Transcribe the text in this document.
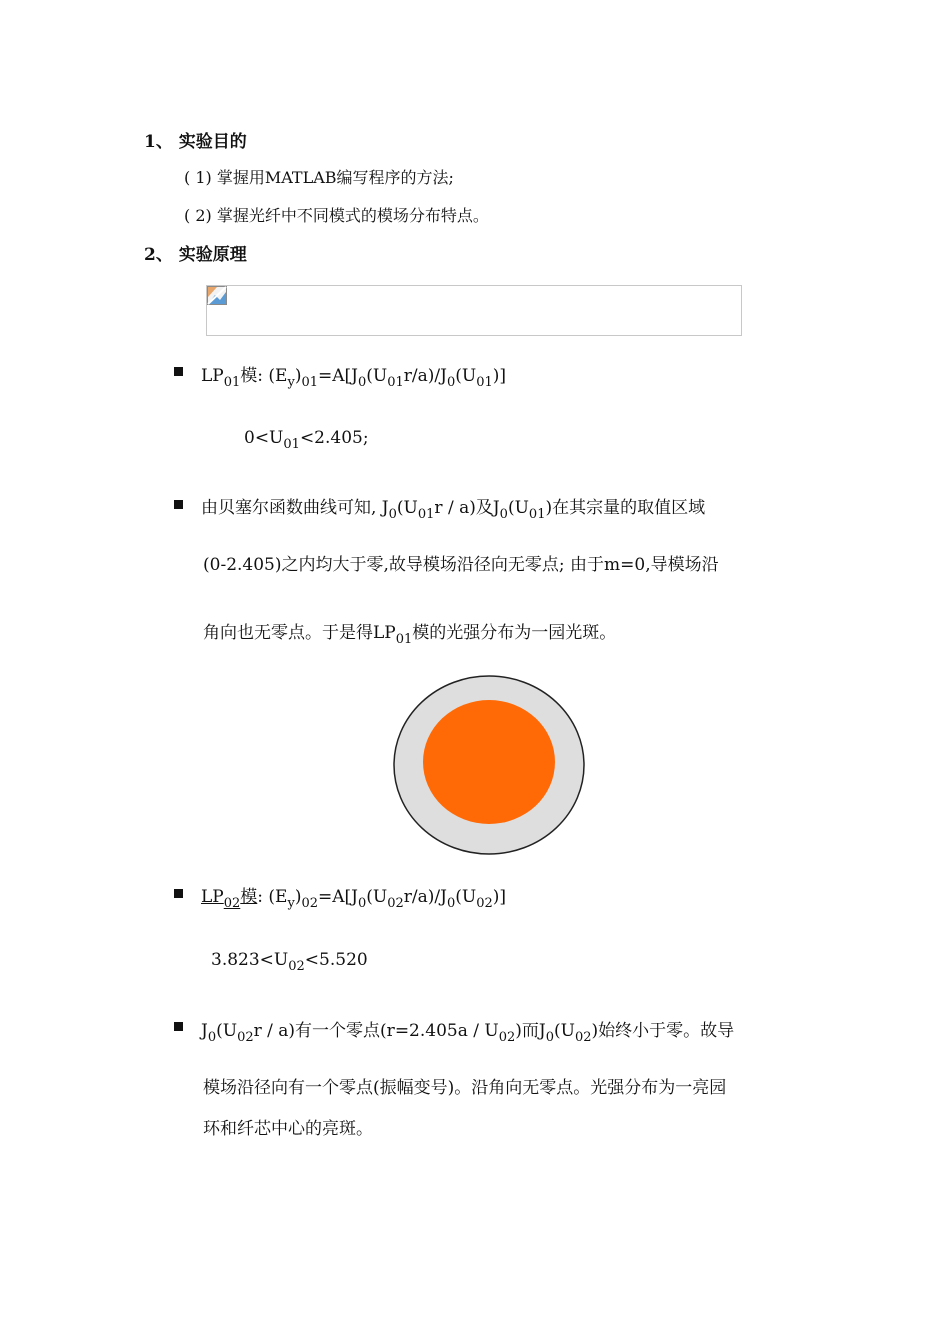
1、 实验目的
( 1) 掌握用MATLAB编写程序的方法;
( 2) 掌握光纤中不同模式的模场分布特点。
2、 实验原理
$LP_{01}$模: $(E_y)_{01}=A[J_0(U_{01}r/a)/J_0(U_{01})]$
$0<U_{01}<2.405$;
由贝塞尔函数曲线可知, $J_0(U_{01}r / a)$及$J_0(U_{01})$在其宗量的取值区域
(0-2.405)之内均大于零,故导模场沿径向无零点; 由于m=0,导模场沿
角向也无零点。于是得$LP_{01}$模的光强分布为一园光斑。
$LP_{02}$模: $(E_y)_{02}=A[J_0(U_{02}r/a)/J_0(U_{02})]$
$3.823<U_{02}<5.520$
$J_0(U_{02}r / a)$有一个零点$(r=2.405a / U_{02})$而$J_0(U_{02})$始终小于零。故导
模场沿径向有一个零点(振幅变号)。沿角向无零点。光强分布为一亮园
环和纤芯中心的亮斑。
